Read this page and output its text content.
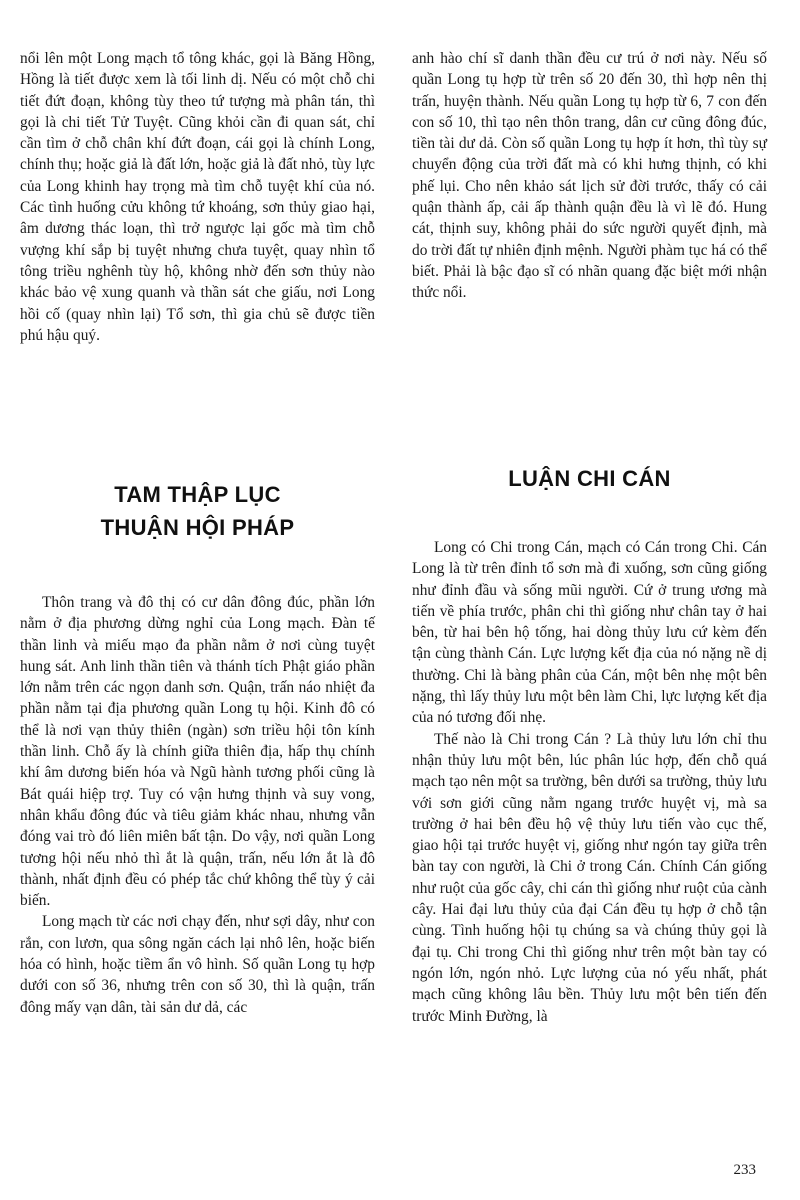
nổi lên một Long mạch tổ tông khác, gọi là Băng Hồng, Hồng là tiết được xem là tối linh dị. Nếu có một chỗ chi tiết đứt đoạn, không tùy theo tứ tượng mà phân tán, thì gọi là chi tiết Tử Tuyệt. Cũng khỏi cần đi quan sát, chỉ cần tìm ở chỗ chân khí đứt đoạn, cái gọi là chính Long, chính thụ; hoặc giả là đất lớn, hoặc giả là đất nhỏ, tùy lực của Long khinh hay trọng mà tìm chỗ tuyệt khí của nó. Các tình huống cửu không tứ khoáng, sơn thủy giao hại, âm dương thác loạn, thì trở ngược lại gốc mà tìm chỗ vượng khí sắp bị tuyệt nhưng chưa tuyệt, quay nhìn tổ tông triều nghênh tùy hộ, không nhờ đến sơn thủy nào khác bảo vệ xung quanh và thần sát che giấu, nơi Long hồi cố (quay nhìn lại) Tổ sơn, thì gia chủ sẽ được tiền phú hậu quý.

anh hào chí sĩ danh thần đều cư trú ở nơi này. Nếu số quần Long tụ hợp từ trên số 20 đến 30, thì hợp nên thị trấn, huyện thành. Nếu quần Long tụ hợp từ 6, 7 con đến con số 10, thì tạo nên thôn trang, dân cư cũng đông đúc, tiền tài dư dả. Còn số quần Long tụ hợp ít hơn, thì tùy sự chuyển động của trời đất mà có khi hưng thịnh, có khi phế lụi. Cho nên khảo sát lịch sử đời trước, thấy có cải quận thành ấp, cải ấp thành quận đều là vì lẽ đó. Hung cát, thịnh suy, không phải do sức người quyết định, mà do trời đất tự nhiên định mệnh. Người phàm tục há có thể biết. Phải là bậc đạo sĩ có nhãn quang đặc biệt mới nhận thức nổi.

TAM THẬP LỤC
THUẬN HỘI PHÁP

Thôn trang và đô thị có cư dân đông đúc, phần lớn nằm ở địa phương dừng nghỉ của Long mạch. Đàn tế thần linh và miếu mạo đa phần nằm ở nơi cùng tuyệt hung sát. Anh linh thần tiên và thánh tích Phật giáo phần lớn nằm trên các ngọn danh sơn. Quận, trấn náo nhiệt đa phần nằm tại địa phương quần Long tụ hội. Kinh đô có thể là nơi vạn thủy thiên (ngàn) sơn triều hội tôn kính thần linh. Chỗ ấy là chính giữa thiên địa, hấp thụ chính khí âm dương biến hóa và Ngũ hành tương phối cũng là Bát quái hiệp trợ. Tuy có vận hưng thịnh và suy vong, nhân khẩu đông đúc và tiêu giảm khác nhau, nhưng vẫn đóng vai trò đó liên miên bất tận. Do vậy, nơi quần Long tương hội nếu nhỏ thì ắt là quận, trấn, nếu lớn ắt là đô thành, nhất định đều có phép tắc chứ không thể tùy ý cải biến.

Long mạch từ các nơi chạy đến, như sợi dây, như con rắn, con lươn, qua sông ngăn cách lại nhô lên, hoặc biến hóa có hình, hoặc tiềm ẩn vô hình. Số quần Long tụ hợp dưới con số 36, nhưng trên con số 30, thì là quận, trấn đông mấy vạn dân, tài sản dư dả, các

LUẬN CHI CÁN

Long có Chi trong Cán, mạch có Cán trong Chi. Cán Long là từ trên đỉnh tổ sơn mà đi xuống, sơn cũng giống như đỉnh đầu và sống mũi người. Cứ ở trung ương mà tiến về phía trước, phân chi thì giống như chân tay ở hai bên, từ hai bên hộ tống, hai dòng thủy lưu cứ kèm đến tận cùng thành Cán. Lực lượng kết địa của nó nặng nề dị thường. Chi là bàng phân của Cán, một bên nhẹ một bên nặng, thì lấy thủy lưu một bên làm Chi, lực lượng kết địa của nó tương đối nhẹ.

Thế nào là Chi trong Cán ? Là thủy lưu lớn chỉ thu nhận thủy lưu một bên, lúc phân lúc hợp, đến chỗ quá mạch tạo nên một sa trường, bên dưới sa trường, thủy lưu với sơn giới cũng nằm ngang trước huyệt vị, mà sa trường ở hai bên đều hộ vệ thủy lưu tiến vào cục thế, giao hội tại trước huyệt vị, giống như ngón tay giữa trên bàn tay con người, là Chi ở trong Cán. Chính Cán giống như ruột của gốc cây, chi cán thì giống như ruột của cành cây. Hai đại lưu thủy của đại Cán đều tụ hợp ở chỗ tận cùng. Tình huống hội tụ chúng sa và chúng thủy gọi là đại tụ. Chi trong Chi thì giống như trên một bàn tay có ngón lớn, ngón nhỏ. Lực lượng của nó yếu nhất, phát mạch cũng không lâu bền. Thủy lưu một bên tiến đến trước Minh Đường, là

233
